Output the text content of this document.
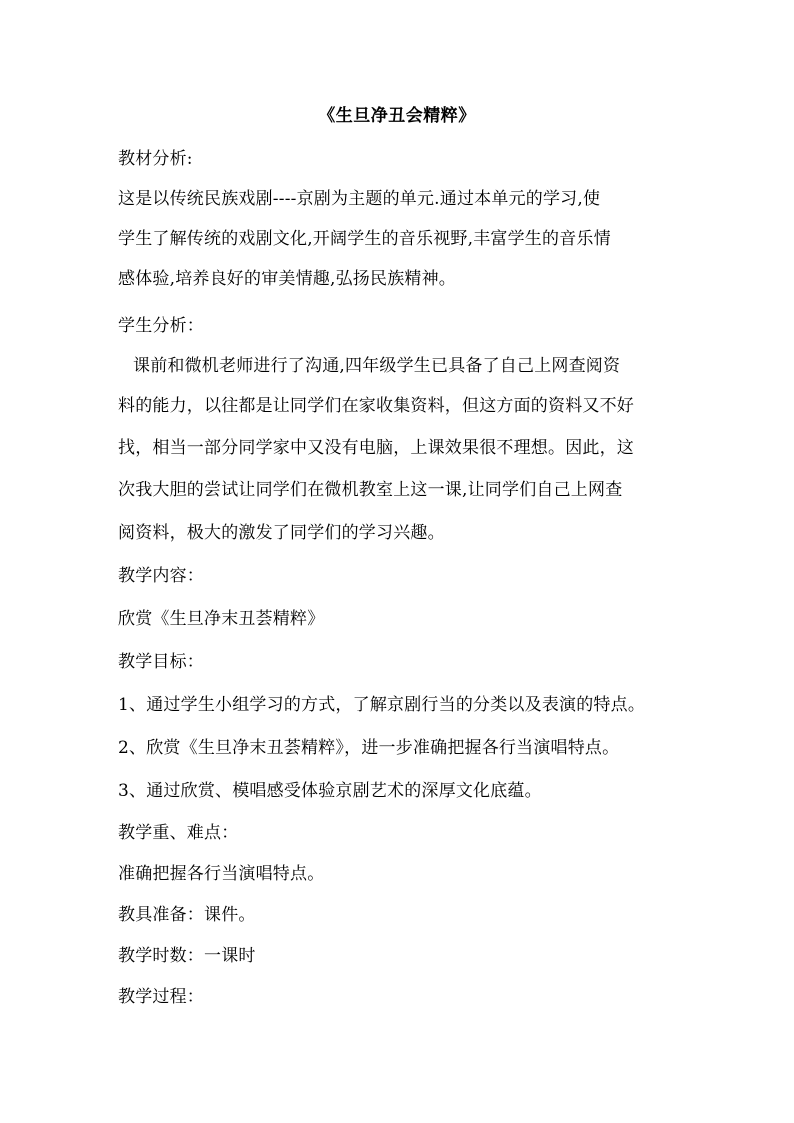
《生旦净丑会精粹》
教材分析:
这是以传统民族戏剧----京剧为主题的单元.通过本单元的学习,使
学生了解传统的戏剧文化,开阔学生的音乐视野,丰富学生的音乐情
感体验,培养良好的审美情趣,弘扬民族精神。
学生分析：
课前和微机老师进行了沟通,四年级学生已具备了自己上网查阅资
料的能力，以往都是让同学们在家收集资料，但这方面的资料又不好
找，相当一部分同学家中又没有电脑，上课效果很不理想。因此，这
次我大胆的尝试让同学们在微机教室上这一课,让同学们自己上网查
阅资料，极大的激发了同学们的学习兴趣。
教学内容：
欣赏《生旦净末丑荟精粹》
教学目标：
1、通过学生小组学习的方式，了解京剧行当的分类以及表演的特点。
2、欣赏《生旦净末丑荟精粹》，进一步准确把握各行当演唱特点。
3、通过欣赏、模唱感受体验京剧艺术的深厚文化底蕴。
教学重、难点：
准确把握各行当演唱特点。
教具准备：课件。
教学时数：一课时
教学过程：
